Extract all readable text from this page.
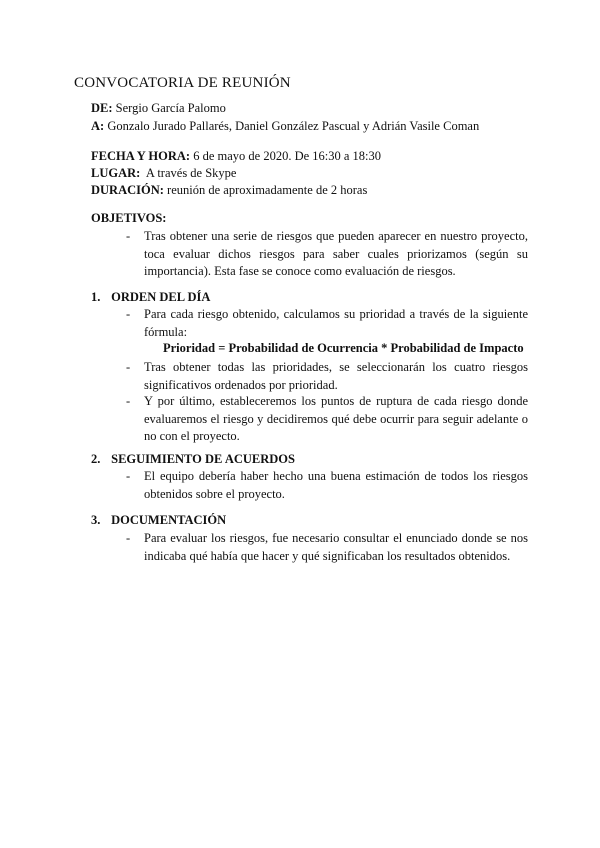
CONVOCATORIA DE REUNIÓN
DE: Sergio García Palomo
A: Gonzalo Jurado Pallarés, Daniel González Pascual y Adrián Vasile Coman
FECHA Y HORA: 6 de mayo de 2020. De 16:30 a 18:30
LUGAR: A través de Skype
DURACIÓN: reunión de aproximadamente de 2 horas
OBJETIVOS:
- Tras obtener una serie de riesgos que pueden aparecer en nuestro proyecto, toca evaluar dichos riesgos para saber cuales priorizamos (según su importancia). Esta fase se conoce como evaluación de riesgos.
1. ORDEN DEL DÍA
- Para cada riesgo obtenido, calculamos su prioridad a través de la siguiente fórmula:
Prioridad = Probabilidad de Ocurrencia * Probabilidad de Impacto
- Tras obtener todas las prioridades, se seleccionarán los cuatro riesgos significativos ordenados por prioridad.
- Y por último, estableceremos los puntos de ruptura de cada riesgo donde evaluaremos el riesgo y decidiremos qué debe ocurrir para seguir adelante o no con el proyecto.
2. SEGUIMIENTO DE ACUERDOS
- El equipo debería haber hecho una buena estimación de todos los riesgos obtenidos sobre el proyecto.
3. DOCUMENTACIÓN
- Para evaluar los riesgos, fue necesario consultar el enunciado donde se nos indicaba qué había que hacer y qué significaban los resultados obtenidos.
